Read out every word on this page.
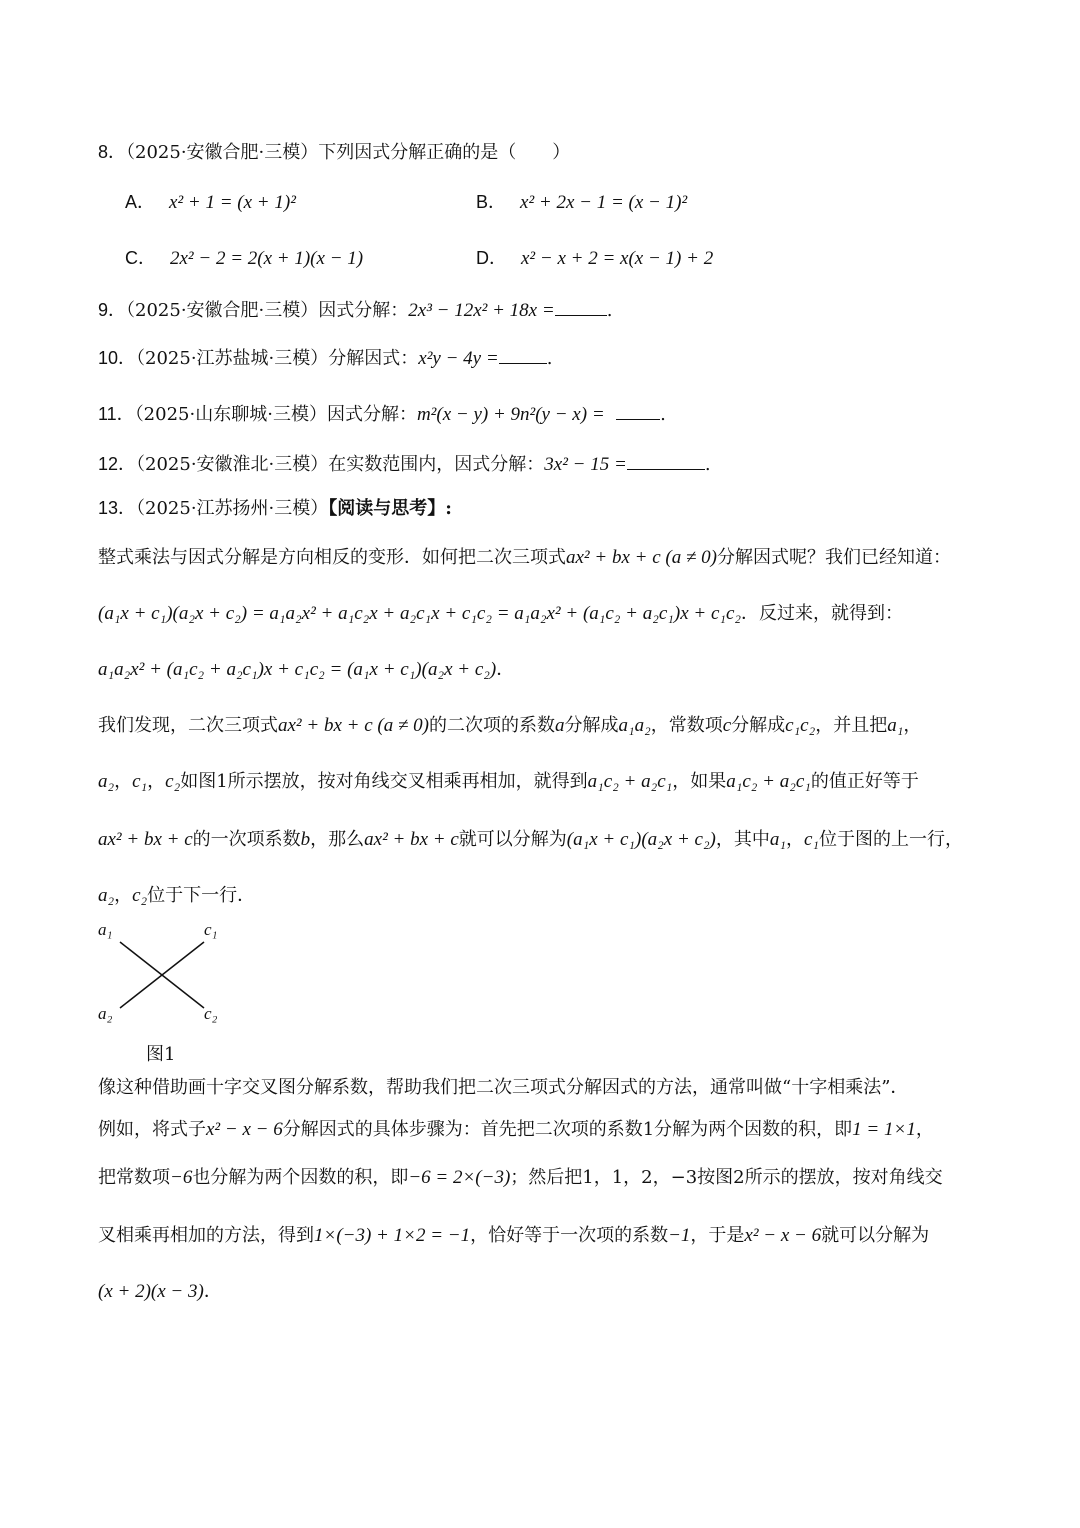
8．（2025·安徽合肥·三模）下列因式分解正确的是（　　）
A． x² + 1 = (x + 1)²	B． x² + 2x − 1 = (x − 1)²
C． 2x² − 2 = 2(x + 1)(x − 1)	D． x² − x + 2 = x(x − 1) + 2
9．（2025·安徽合肥·三模）因式分解：2x³ − 12x² + 18x =	.
10．（2025·江苏盐城·三模）分解因式：x²y − 4y =	.
11．（2025·山东聊城·三模）因式分解：m²(x − y) + 9n²(y − x) =	.
12．（2025·安徽淮北·三模）在实数范围内，因式分解：3x² − 15 =	.
13．（2025·江苏扬州·三模）【阅读与思考】:
整式乘法与因式分解是方向相反的变形．如何把二次三项式ax² + bx + c (a ≠ 0)分解因式呢？我们已经知道：
(a₁x + c₁)(a₂x + c₂) = a₁a₂x² + a₁c₂x + a₂c₁x + c₁c₂ = a₁a₂x² + (a₁c₂ + a₂c₁)x + c₁c₂．反过来，就得到：
a₁a₂x² + (a₁c₂ + a₂c₁)x + c₁c₂ = (a₁x + c₁)(a₂x + c₂)．
我们发现，二次三项式ax² + bx + c (a ≠ 0)的二次项的系数a分解成a₁a₂，常数项c分解成c₁c₂，并且把a₁，
a₂，c₁，c₂如图1所示摆放，按对角线交叉相乘再相加，就得到a₁c₂ + a₂c₁，如果a₁c₂ + a₂c₁的值正好等于
ax² + bx + c的一次项系数b，那么ax² + bx + c就可以分解为(a₁x + c₁)(a₂x + c₂)，其中a₁，c₁位于图的上一行，
a₂，c₂位于下一行．
a₁	c₁
a₂	c₂
图1
像这种借助画十字交叉图分解系数，帮助我们把二次三项式分解因式的方法，通常叫做“十字相乘法”．
例如，将式子x² − x − 6分解因式的具体步骤为：首先把二次项的系数1分解为两个因数的积，即1 = 1×1，
把常数项−6也分解为两个因数的积，即−6 = 2×(−3)；然后把1，1，2，−3按图2所示的摆放，按对角线交
叉相乘再相加的方法，得到1×(−3) + 1×2 = −1，恰好等于一次项的系数−1，于是x² − x − 6就可以分解为
(x + 2)(x − 3)．
